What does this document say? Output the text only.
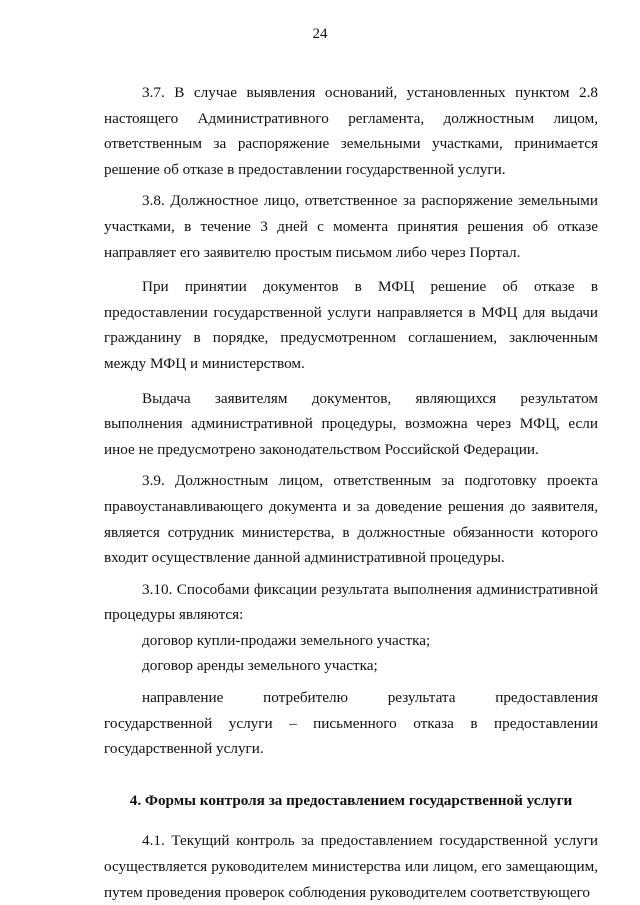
24

3.7. В случае выявления оснований, установленных пунктом 2.8 настоящего Административного регламента, должностным лицом, ответственным за распоряжение земельными участками, принимается решение об отказе в предоставлении государственной услуги.

3.8. Должностное лицо, ответственное за распоряжение земельными участками, в течение 3 дней с момента принятия решения об отказе направляет его заявителю простым письмом либо через Портал.

При принятии документов в МФЦ решение об отказе в предоставлении государственной услуги направляется в МФЦ для выдачи гражданину в порядке, предусмотренном соглашением, заключенным между МФЦ и министерством.

Выдача заявителям документов, являющихся результатом выполнения административной процедуры, возможна через МФЦ, если иное не предусмотрено законодательством Российской Федерации.

3.9. Должностным лицом, ответственным за подготовку проекта правоустанавливающего документа и за доведение решения до заявителя, является сотрудник министерства, в должностные обязанности которого входит осуществление данной административной процедуры.

3.10. Способами фиксации результата выполнения административной процедуры являются:

договор купли-продажи земельного участка;

договор аренды земельного участка;

направление потребителю результата предоставления государственной услуги – письменного отказа в предоставлении государственной услуги.

4. Формы контроля за предоставлением государственной услуги

4.1. Текущий контроль за предоставлением государственной услуги осуществляется руководителем министерства или лицом, его замещающим, путем проведения проверок соблюдения руководителем соответствующего
